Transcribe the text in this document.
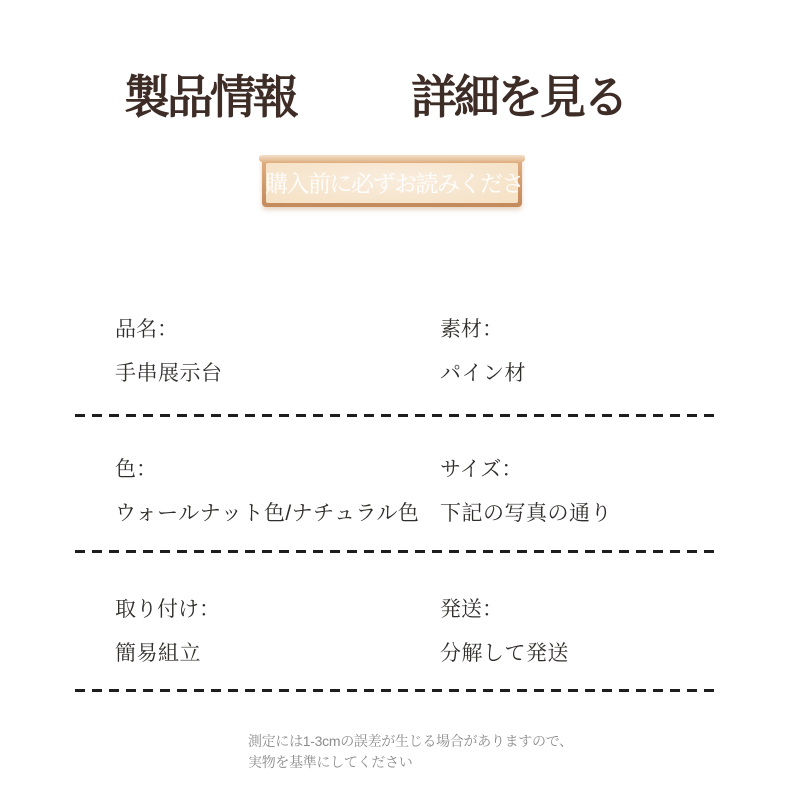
製品情報	詳細を見る
購入前に必ずお読みください
品名：
手串展示台
素材：
パイン材
色：
ウォールナット色/ナチュラル色
サイズ：
下記の写真の通り
取り付け：
簡易組立
発送：
分解して発送
測定には1-3cmの誤差が生じる場合がありますので、
実物を基準にしてください
